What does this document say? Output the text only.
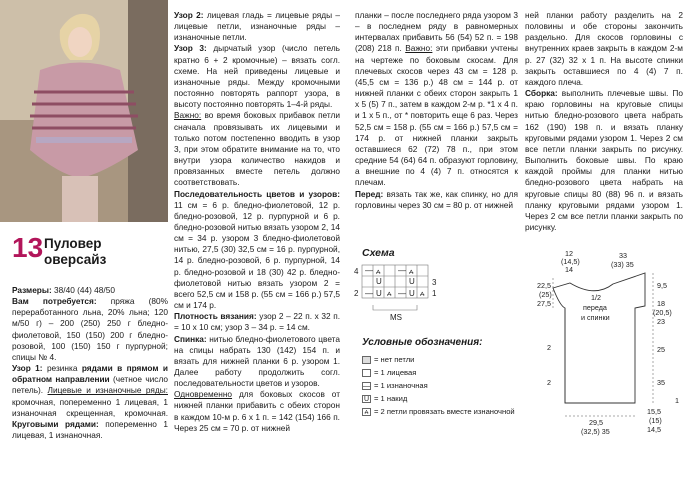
13 Пуловер
оверсайз

Размеры: 38/40 (44) 48/50

Вам потребуется: пряжа (80% переработанного льна, 20% льна; 120 м/50 г) – 200 (250) 250 г бледно-фиолетовой, 150 (150) 200 г бледно-розовой, 100 (150) 150 г пурпурной; спицы № 4.

Узор 1: резинка рядами в прямом и обратном направлении (четное число петель). Лицевые и изнаночные ряды: кромочная, попеременно 1 лицевая, 1 изнаночная скрещенная, кромочная. Круговыми рядами: попеременно 1 лицевая, 1 изнаночная.

Узор 2: лицевая гладь = лицевые ряды – лицевые петли, изнаночные ряды – изнаночные петли.

Узор 3: дырчатый узор (число петель кратно 6 + 2 кромочные) – вязать согл. схеме. На ней приведены лицевые и изнаночные ряды. Между кромочными постоянно повторять раппорт узора, в высоту постоянно повторять 1–4-й ряды.

Важно: во время боковых прибавок петли сначала провязывать их лицевыми и только потом постепенно вводить в узор 3, при этом обратите внимание на то, что внутри узора количество накидов и провязанных вместе петель должно соответствовать.

Последовательность цветов и узоров: 11 см = 6 р. бледно-фиолетовой, 12 р. бледно-розовой, 12 р. пурпурной и 6 р. бледно-розовой нитью вязать узором 2, 14 см = 34 р. узором 3 бледно-фиолетовой нитью, 27,5 (30) 32,5 см = 16 р. пурпурной, 14 р. бледно-розовой, 6 р. пурпурной, 14 р. бледно-розовой и 18 (30) 42 р. бледно-фиолетовой нитью вязать узором 2 = всего 52,5 см и 158 р. (55 см = 166 р.) 57,5 см и 174 р.

Плотность вязания: узор 2 – 22 п. x 32 п. = 10 x 10 см; узор 3 – 34 р. = 14 см.

Спинка: нитью бледно-фиолетового цвета на спицы набрать 130 (142) 154 п. и вязать для нижней планки 6 р. узором 1. Далее работу продолжить согл. последовательности цветов и узоров.

Одновременно для боковых скосов от нижней планки прибавить с обеих сторон в каждом 10-м р. 6 x 1 п. = 142 (154) 166 п. Через 25 см = 70 р. от нижней

планки – после последнего ряда узором 3 – в последнем ряду в равномерных интервалах прибавить 56 (54) 52 п. = 198 (208) 218 п. Важно: эти прибавки учтены на чертеже по боковым скосам. Для плечевых скосов через 43 см = 128 р. (45,5 см = 136 р.) 48 см = 144 р. от нижней планки с обеих сторон закрыть 1 x 5 (5) 7 п., затем в каждом 2-м р. *1 x 4 п. и 1 x 5 п., от * повторить еще 6 раз. Через 52,5 см = 158 р. (55 см = 166 р.) 57,5 см = 174 р. от нижней планки закрыть оставшиеся 62 (72) 78 п., при этом средние 54 (64) 64 п. образуют горловину, а внешние по 4 (4) 7 п. относятся к плечам.

Перед: вязать так же, как спинку, но для горловины через 30 см = 80 р. от нижней

Схема
4
2
3
1
— ⩜ — ⩜
U	U
— U ⩜ — U ⩜
MS
Условные обозначения:
= нет петли
= 1 лицевая
— = 1 изнаночная
U = 1 накид
⩜ = 2 петли провязать вместе изнаночной

ней планки работу разделить на 2 половины и обе стороны закончить раздельно. Для скосов горловины с внутренних краев закрыть в каждом 2-м р. 27 (32) 32 x 1 п. На высоте спинки закрыть оставшиеся по 4 (4) 7 п. каждого плеча.

Сборка: выполнить плечевые швы. По краю горловины на круговые спицы нитью бледно-розового цвета набрать 162 (190) 198 п. и вязать планку круговыми рядами узором 1. Через 2 см все петли планки закрыть по рисунку. Выполнить боковые швы. По краю каждой проймы для планки нитью бледно-розового цвета набрать на круговые спицы 80 (88) 96 п. и вязать планку круговыми рядами узором 1. Через 2 см все петли планки закрыть по рисунку.

12
(14,5)
14
33
(33) 35
22,5
(25)
27,5
9,5
18
(20,5)
23
1/2
переда
и спинки
2	25
2	35
29,5
(32,5) 35
15,5
(15)
14,5
1
